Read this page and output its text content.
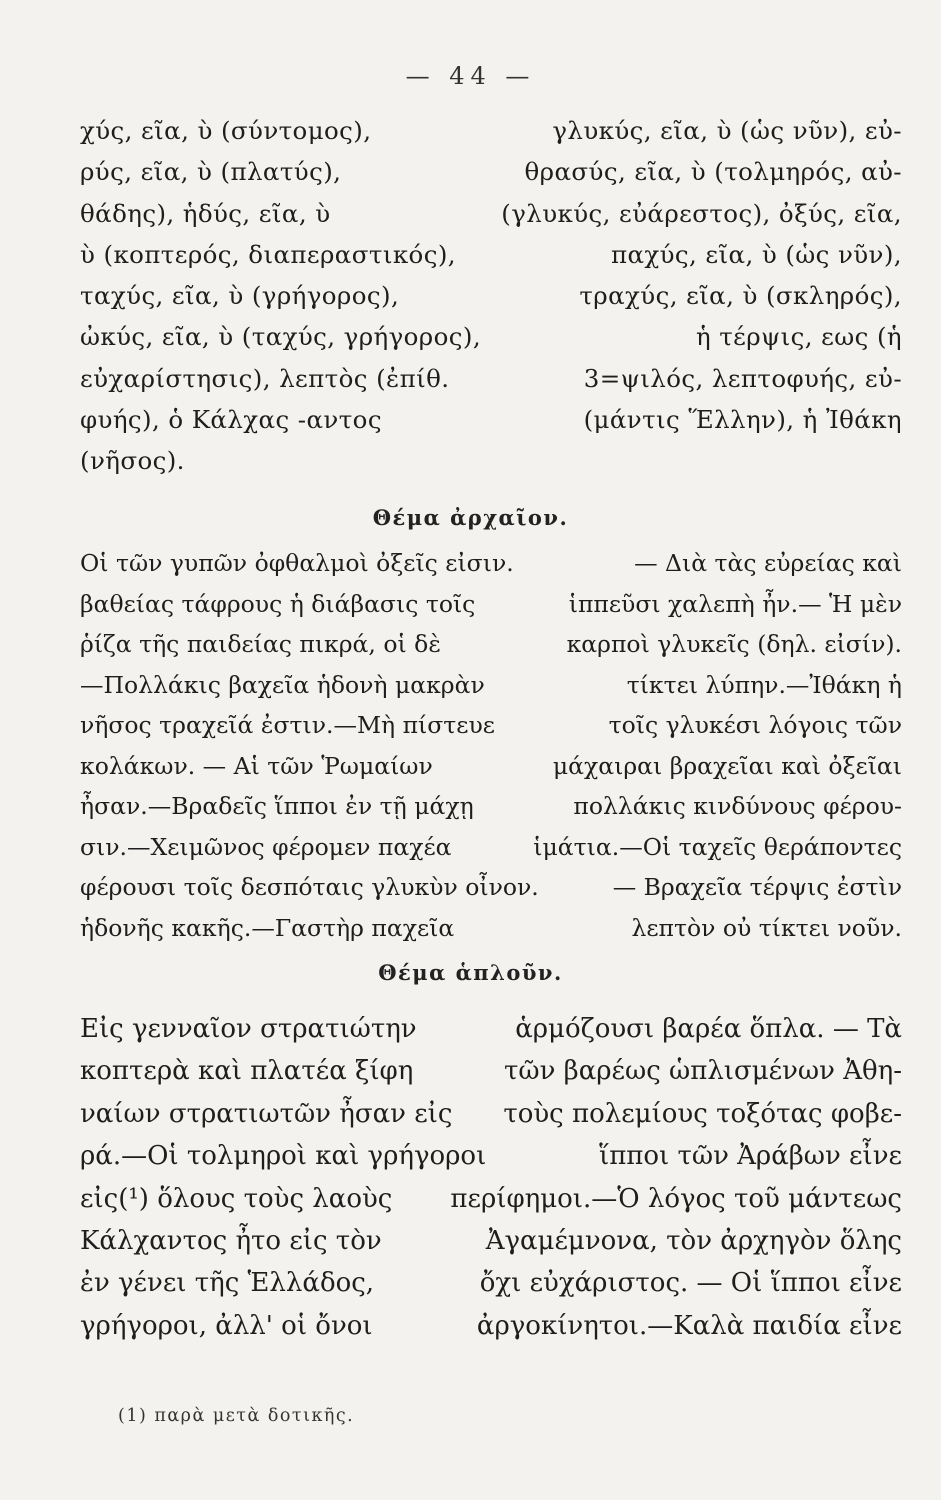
— 44 —
χύς, εῖα, ὺ (σύντομος),	γλυκύς, εῖα, ὺ (ὡς νῦν), εὐ-
ρύς, εῖα, ὺ (πλατύς),	θρασύς, εῖα, ὺ (τολμηρός, αὐ-
θάδης), ἡδύς, εῖα, ὺ	(γλυκύς, εὐάρεστος), ὀξύς, εῖα,
ὺ (κοπτερός, διαπεραστικός),	παχύς, εῖα, ὺ (ὡς νῦν),
ταχύς, εῖα, ὺ (γρήγορος),	τραχύς, εῖα, ὺ (σκληρός),
ὠκύς, εῖα, ὺ (ταχύς, γρήγορος),	ἡ τέρψις, εως (ἡ
εὐχαρίστησις), λεπτὸς (ἐπίθ.	3=ψιλός, λεπτοφυής, εὐ-
φυής), ὁ Κάλχας -αντος	(μάντις Ἕλλην), ἡ Ἰθάκη
(νῆσος).
Θέμα ἀρχαῖον.
Οἱ τῶν γυπῶν ὀφθαλμοὶ ὀξεῖς εἰσιν.	— Διὰ τὰς εὐρείας καὶ
βαθείας τάφρους ἡ διάβασις τοῖς	ἱππεῦσι χαλεπὴ ἦν.— Ἡ μὲν
ῥίζα τῆς παιδείας πικρά, οἱ δὲ	καρποὶ γλυκεῖς (δηλ. εἰσίν).
—Πολλάκις βαχεῖα ἡδονὴ μακρὰν	τίκτει λύπην.—Ἰθάκη ἡ
νῆσος τραχεῖά ἐστιν.—Μὴ πίστευε	τοῖς γλυκέσι λόγοις τῶν
κολάκων. — Αἱ τῶν Ῥωμαίων	μάχαιραι βραχεῖαι καὶ ὀξεῖαι
ἦσαν.—Βραδεῖς ἵπποι ἐν τῇ μάχῃ	πολλάκις κινδύνους φέρου-
σιν.—Χειμῶνος φέρομεν παχέα	ἱμάτια.—Οἱ ταχεῖς θεράποντες
φέρουσι τοῖς δεσπόταις γλυκὺν οἶνον.	— Βραχεῖα τέρψις ἐστὶν
ἡδονῆς κακῆς.—Γαστὴρ παχεῖα	λεπτὸν οὐ τίκτει νοῦν.
Θέμα ἁπλοῦν.
Εἰς γενναῖον στρατιώτην	ἁρμόζουσι βαρέα ὅπλα. — Τὰ
κοπτερὰ καὶ πλατέα ξίφη	τῶν βαρέως ὡπλισμένων Ἀθη-
ναίων στρατιωτῶν ἦσαν εἰς τοὺς πολεμίους τοξότας φοβε-
ρά.—Οἱ τολμηροὶ καὶ γρήγοροι	ἵπποι τῶν Ἀράβων εἶνε
εἰς(¹) ὅλους τοὺς λαοὺς περίφημοι.—Ὁ λόγος τοῦ μάντεως
Κάλχαντος ἦτο εἰς τὸν	Ἀγαμέμνονα, τὸν ἀρχηγὸν ὅλης
ἐν γένει τῆς Ἑλλάδος,	ὄχι εὐχάριστος. — Οἱ ἵπποι εἶνε
γρήγοροι, ἀλλ' οἱ ὄνοι	ἀργοκίνητοι.—Καλὰ παιδία εἶνε
(1) παρὰ μετὰ δοτικῆς.
